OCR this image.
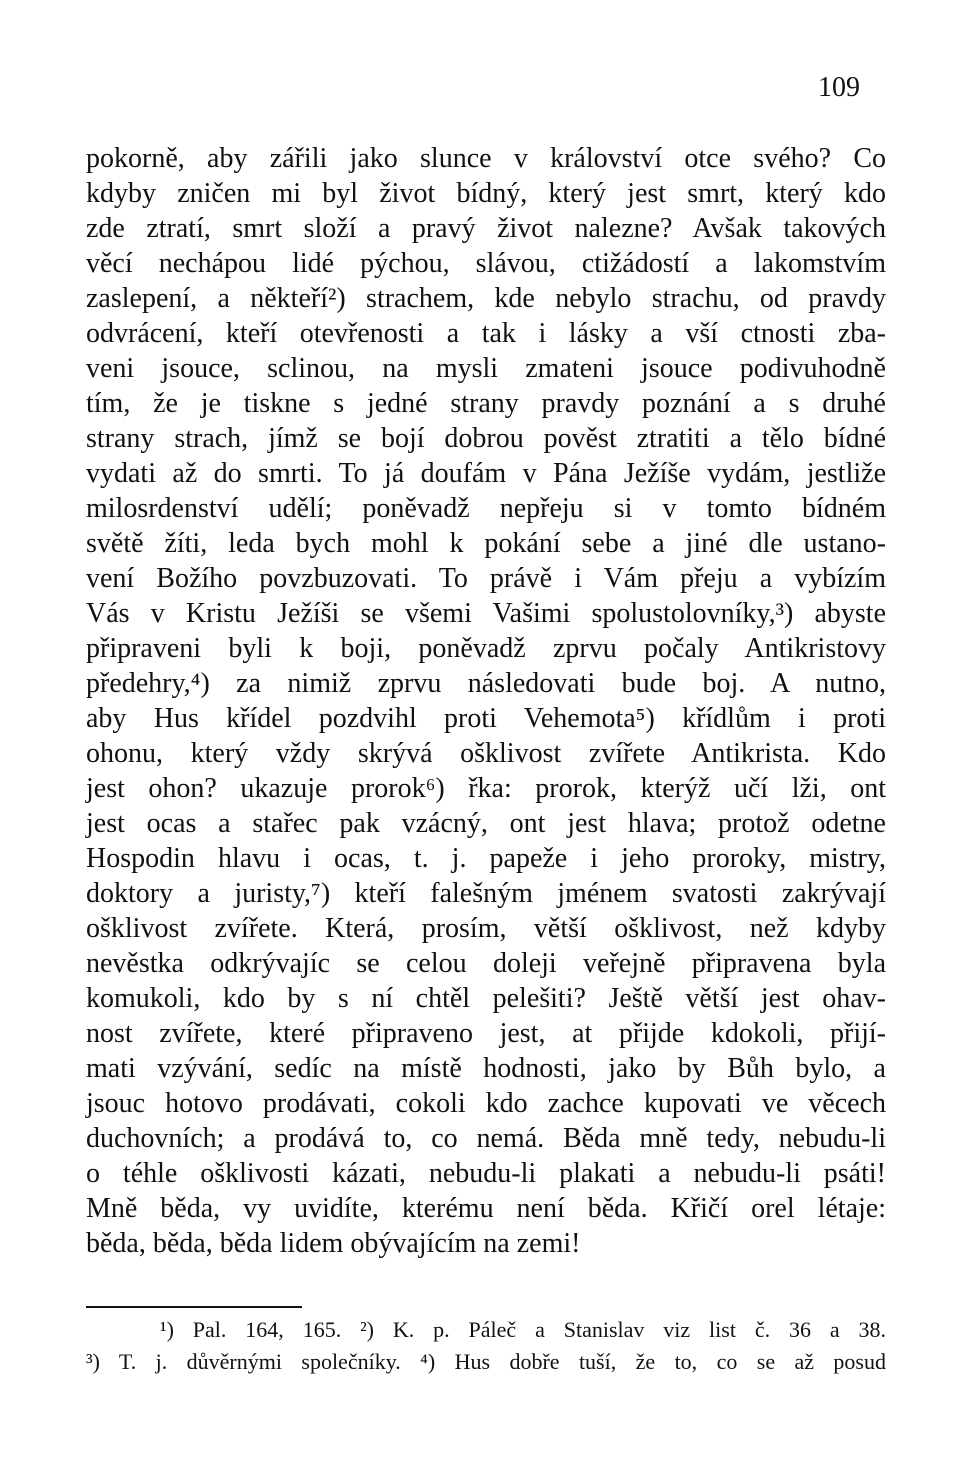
109
pokorně, aby zářili jako slunce v království otce svého? Co
kdyby zničen mi byl život bídný, který jest smrt, který kdo
zde ztratí, smrt složí a pravý život nalezne? Avšak takových
věcí nechápou lidé pýchou, slávou, ctižádostí a lakomstvím
zaslepení, a někteří²) strachem, kde nebylo strachu, od pravdy
odvrácení, kteří otevřenosti a tak i lásky a vší ctnosti zba-
veni jsouce, sclinou, na mysli zmateni jsouce podivuhodně
tím, že je tiskne s jedné strany pravdy poznání a s druhé
strany strach, jímž se bojí dobrou pověst ztratiti a tělo bídné
vydati až do smrti. To já doufám v Pána Ježíše vydám, jestliže
milosrdenství udělí; poněvadž nepřeju si v tomto bídném
světě žíti, leda bych mohl k pokání sebe a jiné dle ustano-
vení Božího povzbuzovati. To právě i Vám přeju a vybízím
Vás v Kristu Ježíši se všemi Vašimi spolustolovníky,³) abyste
připraveni byli k boji, poněvadž zprvu počaly Antikristovy
předehry,⁴) za nimiž zprvu následovati bude boj. A nutno,
aby Hus křídel pozdvihl proti Vehemota⁵) křídlům i proti
ohonu, který vždy skrývá ošklivost zvířete Antikrista. Kdo
jest ohon? ukazuje prorok⁶) řka: prorok, kterýž učí lži, ont
jest ocas a stařec pak vzácný, ont jest hlava; protož odetne
Hospodin hlavu i ocas, t. j. papeže i jeho proroky, mistry,
doktory a juristy,⁷) kteří falešným jménem svatosti zakrývají
ošklivost zvířete. Která, prosím, větší ošklivost, než kdyby
nevěstka odkrývajíc se celou doleji veřejně připravena byla
komukoli, kdo by s ní chtěl pelešiti? Ještě větší jest ohav-
nost zvířete, které připraveno jest, at přijde kdokoli, přijí-
mati vzývání, sedíc na místě hodnosti, jako by Bůh bylo, a
jsouc hotovo prodávati, cokoli kdo zachce kupovati ve věcech
duchovních; a prodává to, co nemá. Běda mně tedy, nebudu-li
o téhle ošklivosti kázati, nebudu-li plakati a nebudu-li psáti!
Mně běda, vy uvidíte, kterému není běda. Křičí orel létaje:
běda, běda, běda lidem obývajícím na zemi!
¹) Pal. 164, 165. ²) K. p. Páleč a Stanislav viz list č. 36 a 38.
³) T. j. důvěrnými společníky. ⁴) Hus dobře tuší, že to, co se až posud
